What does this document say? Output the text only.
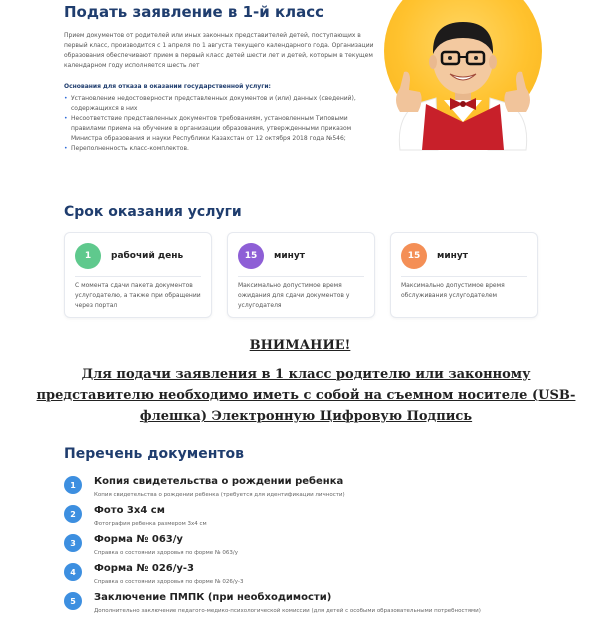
Подать заявление в 1-й класс

Прием документов от родителей или иных законных представителей детей, поступающих в первый класс, производится с 1 апреля по 1 августа текущего календарного года. Организации образования обеспечивают прием в первый класс детей шести лет и детей, которым в текущем календарном году исполняется шесть лет

Основания для отказа в оказании государственной услуги:
• Установление недостоверности представленных документов и (или) данных (сведений), содержащихся в них
• Несоответствие представленных документов требованиям, установленным Типовыми правилами приема на обучение в организации образования, утвержденными приказом Министра образования и науки Республики Казахстан от 12 октября 2018 года №546;
• Переполненность класс-комплектов.
Срок оказания услуги
1	рабочий день
С момента сдачи пакета документов услугодателю, а также при обращении через портал
15	минут
Максимально допустимое время ожидания для сдачи документов у услугодателя
15	минут
Максимально допустимое время обслуживания услугодателем
ВНИМАНИЕ!
Для подачи заявления в 1 класс родителю или законному представителю необходимо иметь с собой на съемном носителе (USB-флешка) Электронную Цифровую Подпись
Перечень документов
1	Копия свидетельства о рождении ребенка
Копия свидетельства о рождении ребенка (требуется для идентификации личности)
2	Фото 3х4 см
Фотография ребенка размером 3х4 см
3	Форма № 063/у
Справка о состоянии здоровья по форме № 063/у
4	Форма № 026/у-3
Справка о состоянии здоровья по форме № 026/у-3
5	Заключение ПМПК (при необходимости)
Дополнительно заключение педагого-медико-психологической комиссии (для детей с особыми образовательными потребностями)
